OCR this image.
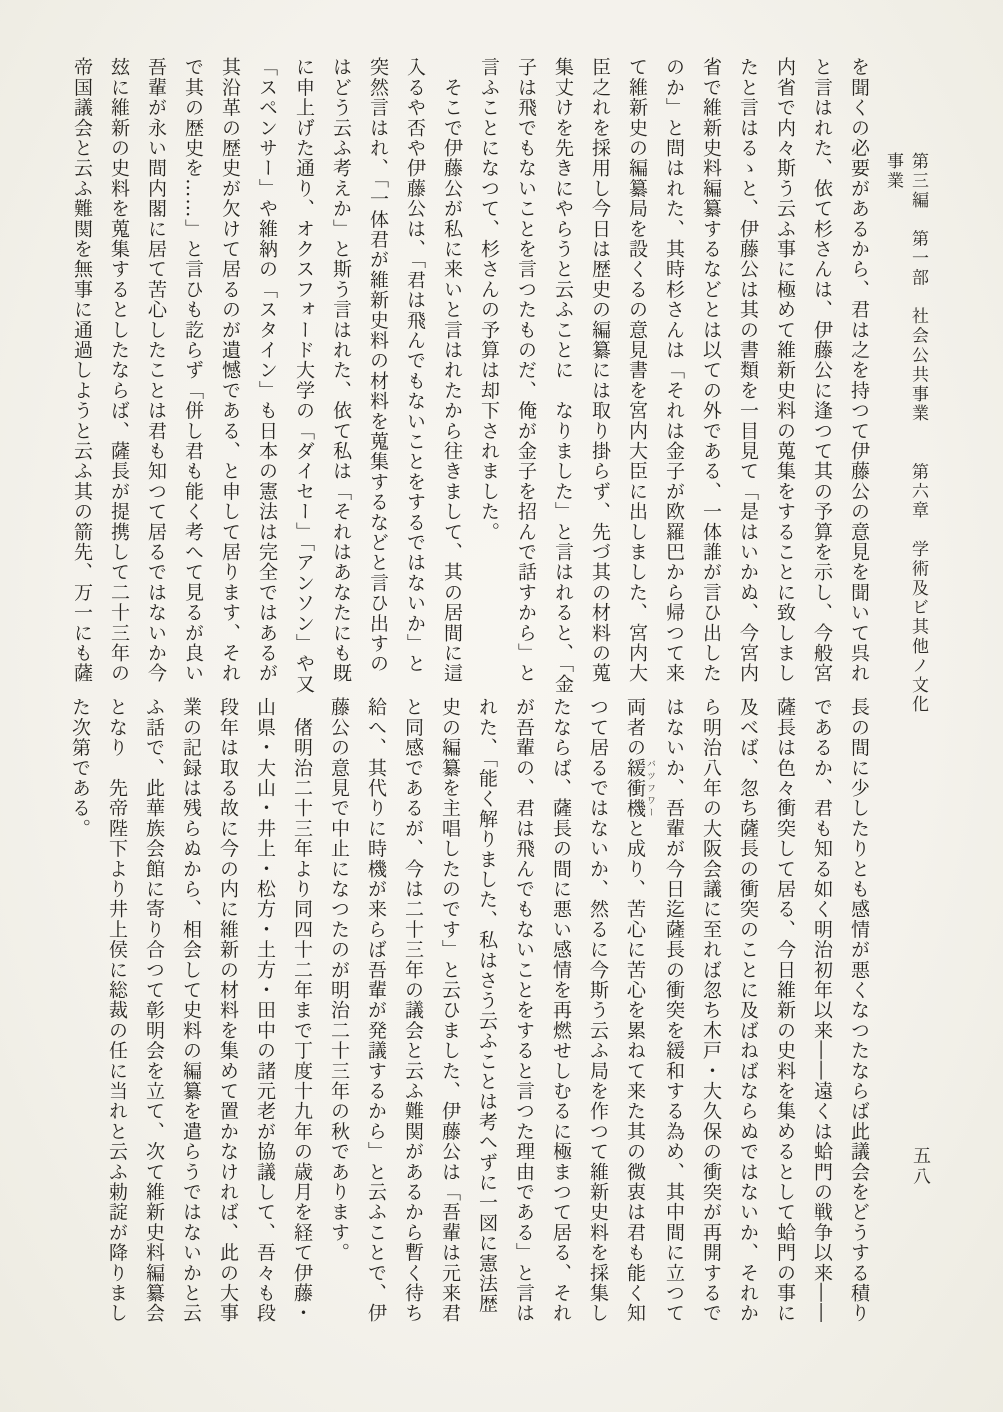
第三編　第一部　社会公共事業　　第六章　学術及ビ其他ノ文化事業
五八

を聞くの必要があるから、君は之を持つて伊藤公の意見を聞いて呉れ

と言はれた、依て杉さんは、伊藤公に逢つて其の予算を示し、今般宮

内省で内々斯う云ふ事に極めて維新史料の蒐集をすることに致しまし

たと言はるゝと、伊藤公は其の書類を一目見て「是はいかぬ、今宮内

省で維新史料編纂するなどとは以ての外である、一体誰が言ひ出した

のか」と問はれた、其時杉さんは「それは金子が欧羅巴から帰つて来

て維新史の編纂局を設くるの意見書を宮内大臣に出しました、宮内大

臣之れを採用し今日は歴史の編纂には取り掛らず、先づ其の材料の蒐

集丈けを先きにやらうと云ふことに　なりました」と言はれると、「金

子は飛でもないことを言つたものだ、俺が金子を招んで話すから」と

言ふことになつて、杉さんの予算は却下されました。

　そこで伊藤公が私に来いと言はれたから往きまして、其の居間に這

入るや否や伊藤公は、「君は飛んでもないことをするではないか」と

突然言はれ、「一体君が維新史料の材料を蒐集するなどと言ひ出すの

はどう云ふ考えか」と斯う言はれた、依て私は「それはあなたにも既

に申上げた通り、オクスフォード大学の「ダイセー」「アンソン」や又

「スペンサー」や維納の「スタイン」も日本の憲法は完全ではあるが

其沿革の歴史が欠けて居るのが遺憾である、と申して居ります、それ

で其の歴史を……」と言ひも訖らず「併し君も能く考へて見るが良い

吾輩が永い間内閣に居て苦心したことは君も知つて居るではないか今

玆に維新の史料を蒐集するとしたならば、薩長が提携して二十三年の

帝国議会と云ふ難関を無事に通過しようと云ふ其の箭先、万一にも薩

長の間に少したりとも感情が悪くなつたならば此議会をどうする積り

であるか、君も知る如く明治初年以来――遠くは蛤門の戦争以来――

薩長は色々衝突して居る、今日維新の史料を集めるとして蛤門の事に

及べば、忽ち薩長の衝突のことに及ばねばならぬではないか、それか

ら明治八年の大阪会議に至れば忽ち木戸・大久保の衝突が再開するで

はないか、吾輩が今日迄薩長の衝突を緩和する為め、其中間に立つて

両者の緩衝機 バツフワーと成り、苦心に苦心を累ねて来た其の微衷は君も能く知

つて居るではないか、然るに今斯う云ふ局を作つて維新史料を採集し

たならば、薩長の間に悪い感情を再燃せしむるに極まつて居る、それ

が吾輩の、君は飛んでもないことをすると言つた理由である」と言は

れた、「能く解りました、私はさう云ふことは考へずに一図に憲法歴

史の編纂を主唱したのです」と云ひました、伊藤公は「吾輩は元来君

と同感であるが、今は二十三年の議会と云ふ難関があるから暫く待ち

給へ、其代りに時機が来らば吾輩が発議するから」と云ふことで、伊

藤公の意見で中止になつたのが明治二十三年の秋であります。

　偖明治二十三年より同四十二年まで丁度十九年の歳月を経て伊藤・

山県・大山・井上・松方・土方・田中の諸元老が協議して、吾々も段

段年は取る故に今の内に維新の材料を集めて置かなければ、此の大事

業の記録は残らぬから、相会して史料の編纂を遣らうではないかと云

ふ話で、此華族会館に寄り合つて彰明会を立て、次て維新史料編纂会

となり　先帝陛下より井上侯に総裁の任に当れと云ふ勅諚が降りまし

た次第である。
